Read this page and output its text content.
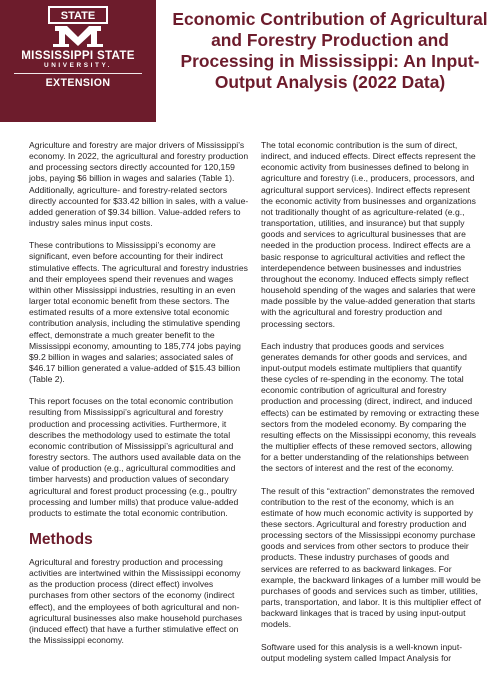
STATE
MISSISSIPPI STATE
UNIVERSITY.
EXTENSION
Economic Contribution of Agricultural and Forestry Production and Processing in Mississippi: An Input-Output Analysis (2022 Data)

Agriculture and forestry are major drivers of Mississippi’s economy. In 2022, the agricultural and forestry production and processing sectors directly accounted for 120,159 jobs, paying $6 billion in wages and salaries (Table 1). Additionally, agriculture- and forestry-related sectors directly accounted for $33.42 billion in sales, with a value-added generation of $9.34 billion. Value-added refers to industry sales minus input costs.

These contributions to Mississippi’s economy are significant, even before accounting for their indirect stimulative effects. The agricultural and forestry industries and their employees spend their revenues and wages within other Mississippi industries, resulting in an even larger total economic benefit from these sectors. The estimated results of a more extensive total economic contribution analysis, including the stimulative spending effect, demonstrate a much greater benefit to the Mississippi economy, amounting to 185,774 jobs paying $9.2 billion in wages and salaries; associated sales of $46.17 billion generated a value-added of $15.43 billion (Table 2).

This report focuses on the total economic contribution resulting from Mississippi’s agricultural and forestry production and processing activities. Furthermore, it describes the methodology used to estimate the total economic contribution of Mississippi’s agricultural and forestry sectors. The authors used available data on the value of production (e.g., agricultural commodities and timber harvests) and production values of secondary agricultural and forest product processing (e.g., poultry processing and lumber mills) that produce value-added products to estimate the total economic contribution.

Methods

Agricultural and forestry production and processing activities are intertwined within the Mississippi economy as the production process (direct effect) involves purchases from other sectors of the economy (indirect effect), and the employees of both agricultural and non-agricultural businesses also make household purchases (induced effect) that have a further stimulative effect on the Mississippi economy.

The total economic contribution is the sum of direct, indirect, and induced effects. Direct effects represent the economic activity from businesses defined to belong in agriculture and forestry (i.e., producers, processors, and agricultural support services). Indirect effects represent the economic activity from businesses and organizations not traditionally thought of as agriculture-related (e.g., transportation, utilities, and insurance) but that supply goods and services to agricultural businesses that are needed in the production process. Indirect effects are a basic response to agricultural activities and reflect the interdependence between businesses and industries throughout the economy. Induced effects simply reflect household spending of the wages and salaries that were made possible by the value-added generation that starts with the agricultural and forestry production and processing sectors.

Each industry that produces goods and services generates demands for other goods and services, and input-output models estimate multipliers that quantify these cycles of re-spending in the economy. The total economic contribution of agricultural and forestry production and processing (direct, indirect, and induced effects) can be estimated by removing or extracting these sectors from the modeled economy. By comparing the resulting effects on the Mississippi economy, this reveals the multiplier effects of these removed sectors, allowing for a better understanding of the relationships between the sectors of interest and the rest of the economy.

The result of this “extraction” demonstrates the removed contribution to the rest of the economy, which is an estimate of how much economic activity is supported by these sectors. Agricultural and forestry production and processing sectors of the Mississippi economy purchase goods and services from other sectors to produce their products. These industry purchases of goods and services are referred to as backward linkages. For example, the backward linkages of a lumber mill would be purchases of goods and services such as timber, utilities, parts, transportation, and labor. It is this multiplier effect of backward linkages that is traced by using input-output models.

Software used for this analysis is a well-known input-output modeling system called Impact Analysis for
